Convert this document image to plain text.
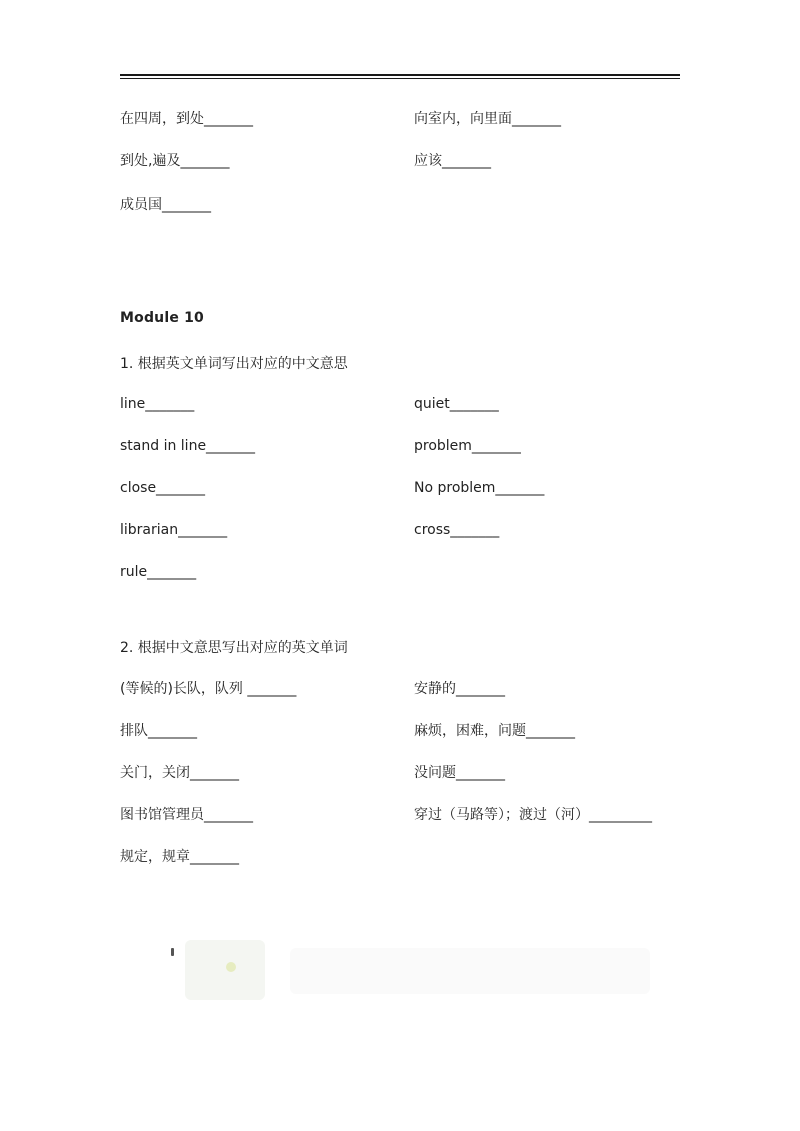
在四周，到处_______	向室内，向里面_______
到处,遍及_______	应该_______
成员国_______
Module 10
1. 根据英文单词写出对应的中文意思
line_______	quiet_______
stand in line_______	problem_______
close_______	No problem_______
librarian_______	cross_______
rule_______
2. 根据中文意思写出对应的英文单词
(等候的)长队，队列 _______	安静的_______
排队_______	麻烦，困难，问题_______
关门，关闭_______	没问题_______
图书馆管理员_______	穿过（马路等）；渡过（河）_________
规定，规章_______
